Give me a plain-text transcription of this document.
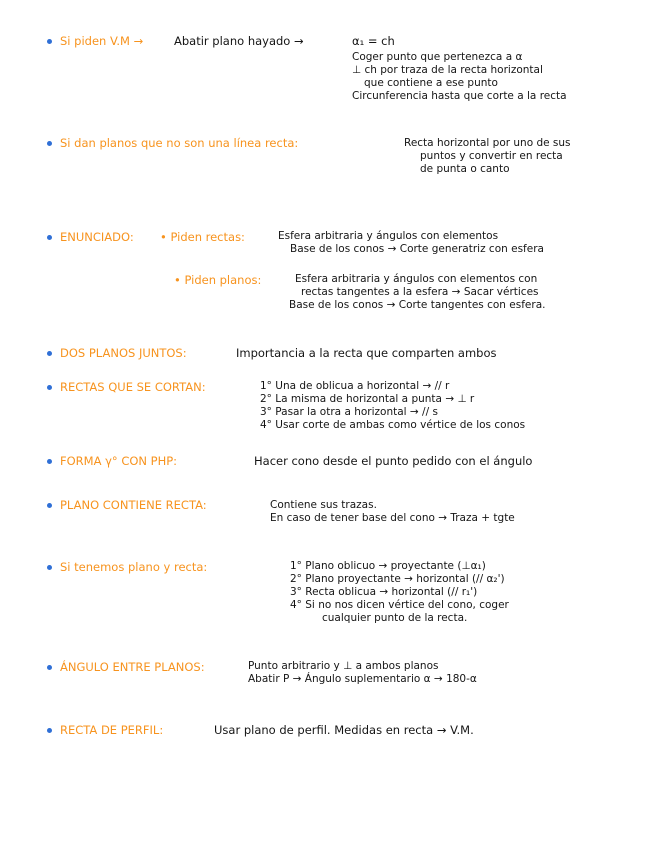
Si piden V.M →	Abatir plano hayado →	α₁ = ch
Coger punto que pertenezca a α
⊥ ch por traza de la recta horizontal
que contiene a ese punto
Circunferencia hasta que corte a la recta
Si dan planos que no son una línea recta:	Recta horizontal por uno de sus
puntos y convertir en recta
de punta o canto
ENUNCIADO: • Piden rectas:	Esfera arbitraria y ángulos con elementos
Base de los conos → Corte generatriz con esfera
• Piden planos:	Esfera arbitraria y ángulos con elementos con
rectas tangentes a la esfera → Sacar vértices
Base de los conos → Corte tangentes con esfera.
DOS PLANOS JUNTOS:	Importancia a la recta que comparten ambos
RECTAS QUE SE CORTAN:	1° Una de oblicua a horizontal → // r
2° La misma de horizontal a punta → ⊥ r
3° Pasar la otra a horizontal → // s
4° Usar corte de ambas como vértice de los conos
FORMA γ° CON PHP:	Hacer cono desde el punto pedido con el ángulo
PLANO CONTIENE RECTA:	Contiene sus trazas.
En caso de tener base del cono → Traza + tgte
Si tenemos plano y recta:	1° Plano oblicuo → proyectante (⊥α₁)
2° Plano proyectante → horizontal (// α₂')
3° Recta oblicua → horizontal (// r₁')
4° Si no nos dicen vértice del cono, coger
cualquier punto de la recta.
ÁNGULO ENTRE PLANOS:	Punto arbitrario y ⊥ a ambos planos
Abatir P → Ángulo suplementario α → 180-α
RECTA DE PERFIL:	Usar plano de perfil. Medidas en recta → V.M.
